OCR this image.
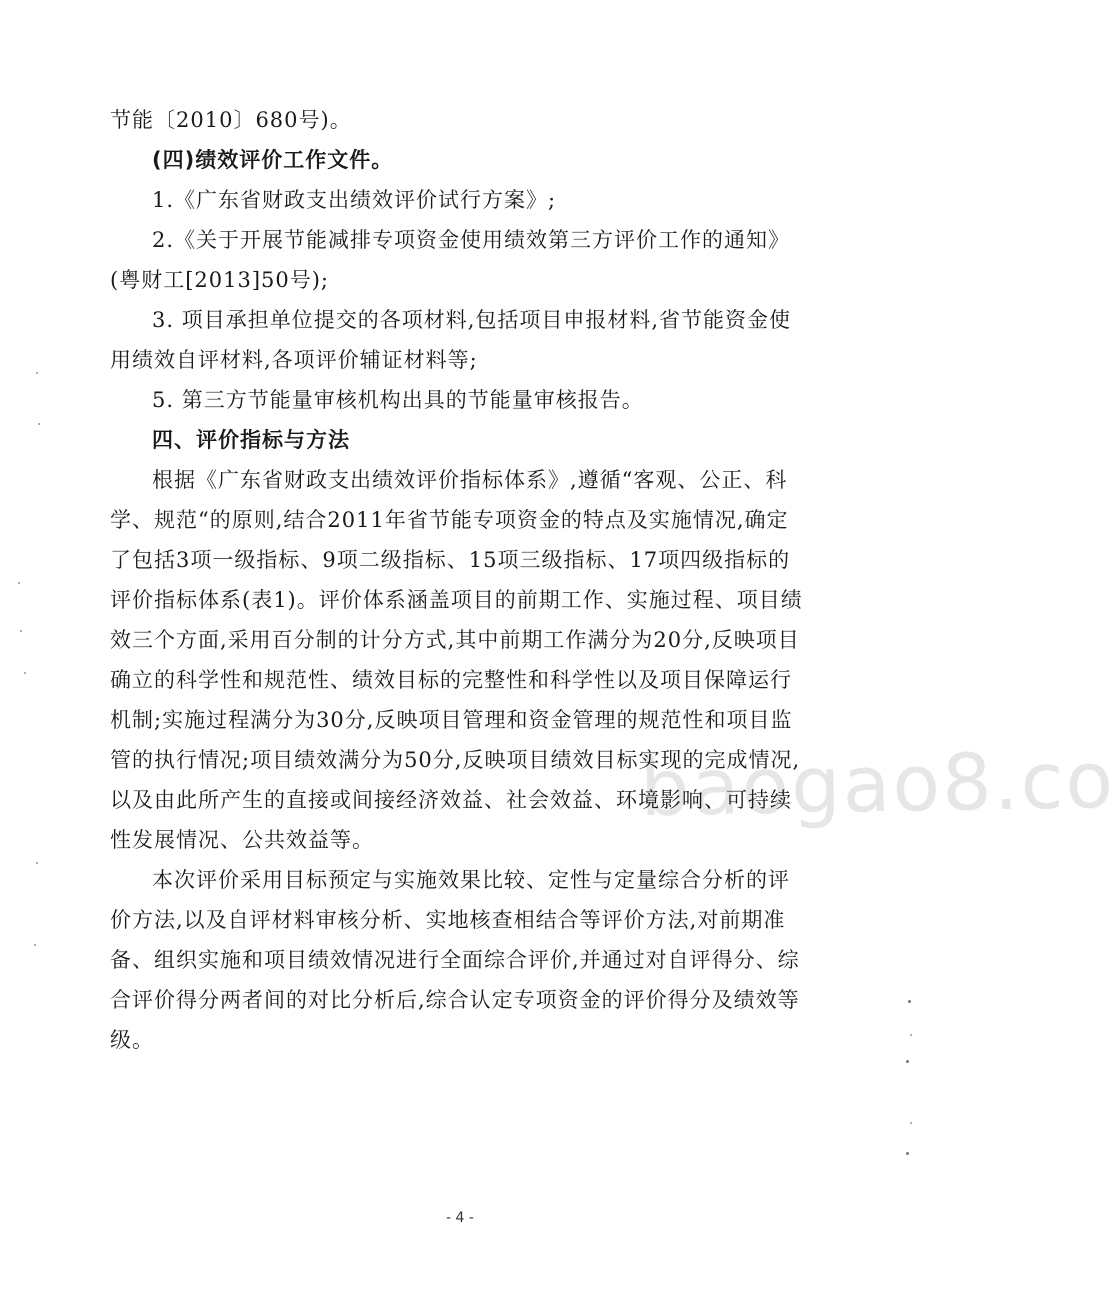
baogao8.co

节能〔2010〕680号)。

(四)绩效评价工作文件。

1.《广东省财政支出绩效评价试行方案》;

2.《关于开展节能减排专项资金使用绩效第三方评价工作的通知》(粤财工[2013]50号);

3. 项目承担单位提交的各项材料,包括项目申报材料,省节能资金使用绩效自评材料,各项评价辅证材料等;

5. 第三方节能量审核机构出具的节能量审核报告。

四、评价指标与方法

根据《广东省财政支出绩效评价指标体系》,遵循“客观、公正、科学、规范“的原则,结合2011年省节能专项资金的特点及实施情况,确定了包括3项一级指标、9项二级指标、15项三级指标、17项四级指标的评价指标体系(表1)。评价体系涵盖项目的前期工作、实施过程、项目绩效三个方面,采用百分制的计分方式,其中前期工作满分为20分,反映项目确立的科学性和规范性、绩效目标的完整性和科学性以及项目保障运行机制;实施过程满分为30分,反映项目管理和资金管理的规范性和项目监管的执行情况;项目绩效满分为50分,反映项目绩效目标实现的完成情况,以及由此所产生的直接或间接经济效益、社会效益、环境影响、可持续性发展情况、公共效益等。

本次评价采用目标预定与实施效果比较、定性与定量综合分析的评价方法,以及自评材料审核分析、实地核查相结合等评价方法,对前期准备、组织实施和项目绩效情况进行全面综合评价,并通过对自评得分、综合评价得分两者间的对比分析后,综合认定专项资金的评价得分及绩效等级。

- 4 -
